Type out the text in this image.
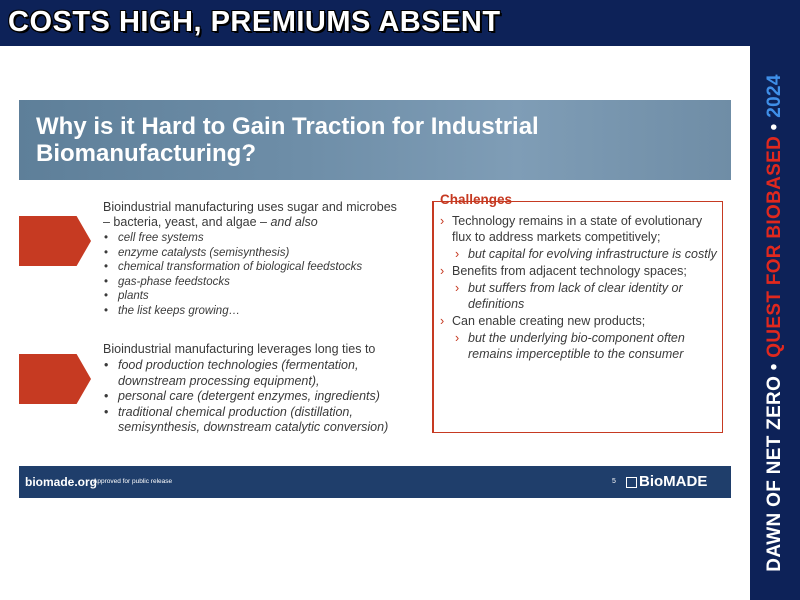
COSTS HIGH, PREMIUMS ABSENT
DAWN OF NET ZERO • QUEST FOR BIOBASED • 2024
Why is it Hard to Gain Traction for Industrial Biomanufacturing?
Bioindustrial manufacturing uses sugar and microbes – bacteria, yeast, and algae – and also
• cell free systems
• enzyme catalysts (semisynthesis)
• chemical transformation of biological feedstocks
• gas-phase feedstocks
• plants
• the list keeps growing…
Bioindustrial manufacturing leverages long ties to
• food production technologies (fermentation, downstream processing equipment),
• personal care (detergent enzymes, ingredients)
• traditional chemical production (distillation, semisynthesis, downstream catalytic conversion)
Challenges
› Technology remains in a state of evolutionary flux to address markets competitively;
› but capital for evolving infrastructure is costly
› Benefits from adjacent technology spaces;
› but suffers from lack of clear identity or definitions
› Can enable creating new products;
› but the underlying bio-component often remains imperceptible to the consumer
biomade.org
Approved for public release	5 BioMADE
